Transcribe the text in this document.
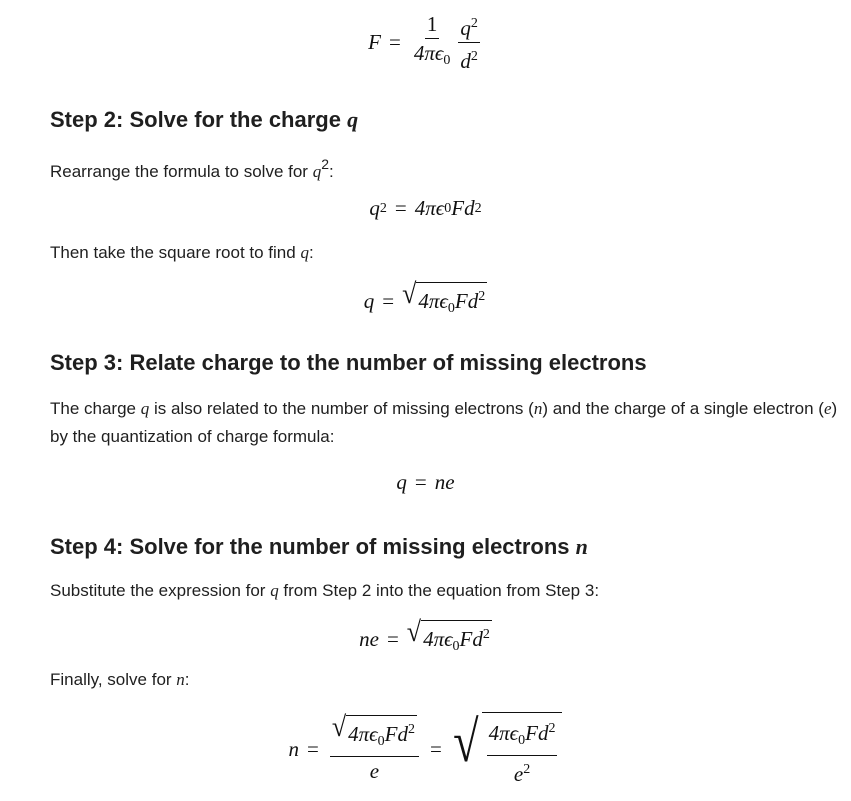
$F = \frac{1}{4\pi\epsilon_0} \frac{q^2}{d^2}$
Step 2: Solve for the charge q

Rearrange the formula to solve for $q^2$:

q 2 = 4πϵ 0 Fd 2

Then take the square root to find q:

q = √ $4\pi\epsilon_0Fd^2$
Step 3: Relate charge to the number of missing electrons

The charge q is also related to the number of missing electrons (n) and the charge of a single electron (e) by the quantization of charge formula:

q = ne
Step 4: Solve for the number of missing electrons n

Substitute the expression for q from Step 2 into the equation from Step 3:

ne = √ $4\pi\epsilon_0Fd^2$

Finally, solve for n:

$n = \frac{√ 4\pi\epsilon_0Fd^2}{e}$ = √ $\frac{4\pi\epsilon_0Fd^2}{e^2}$
